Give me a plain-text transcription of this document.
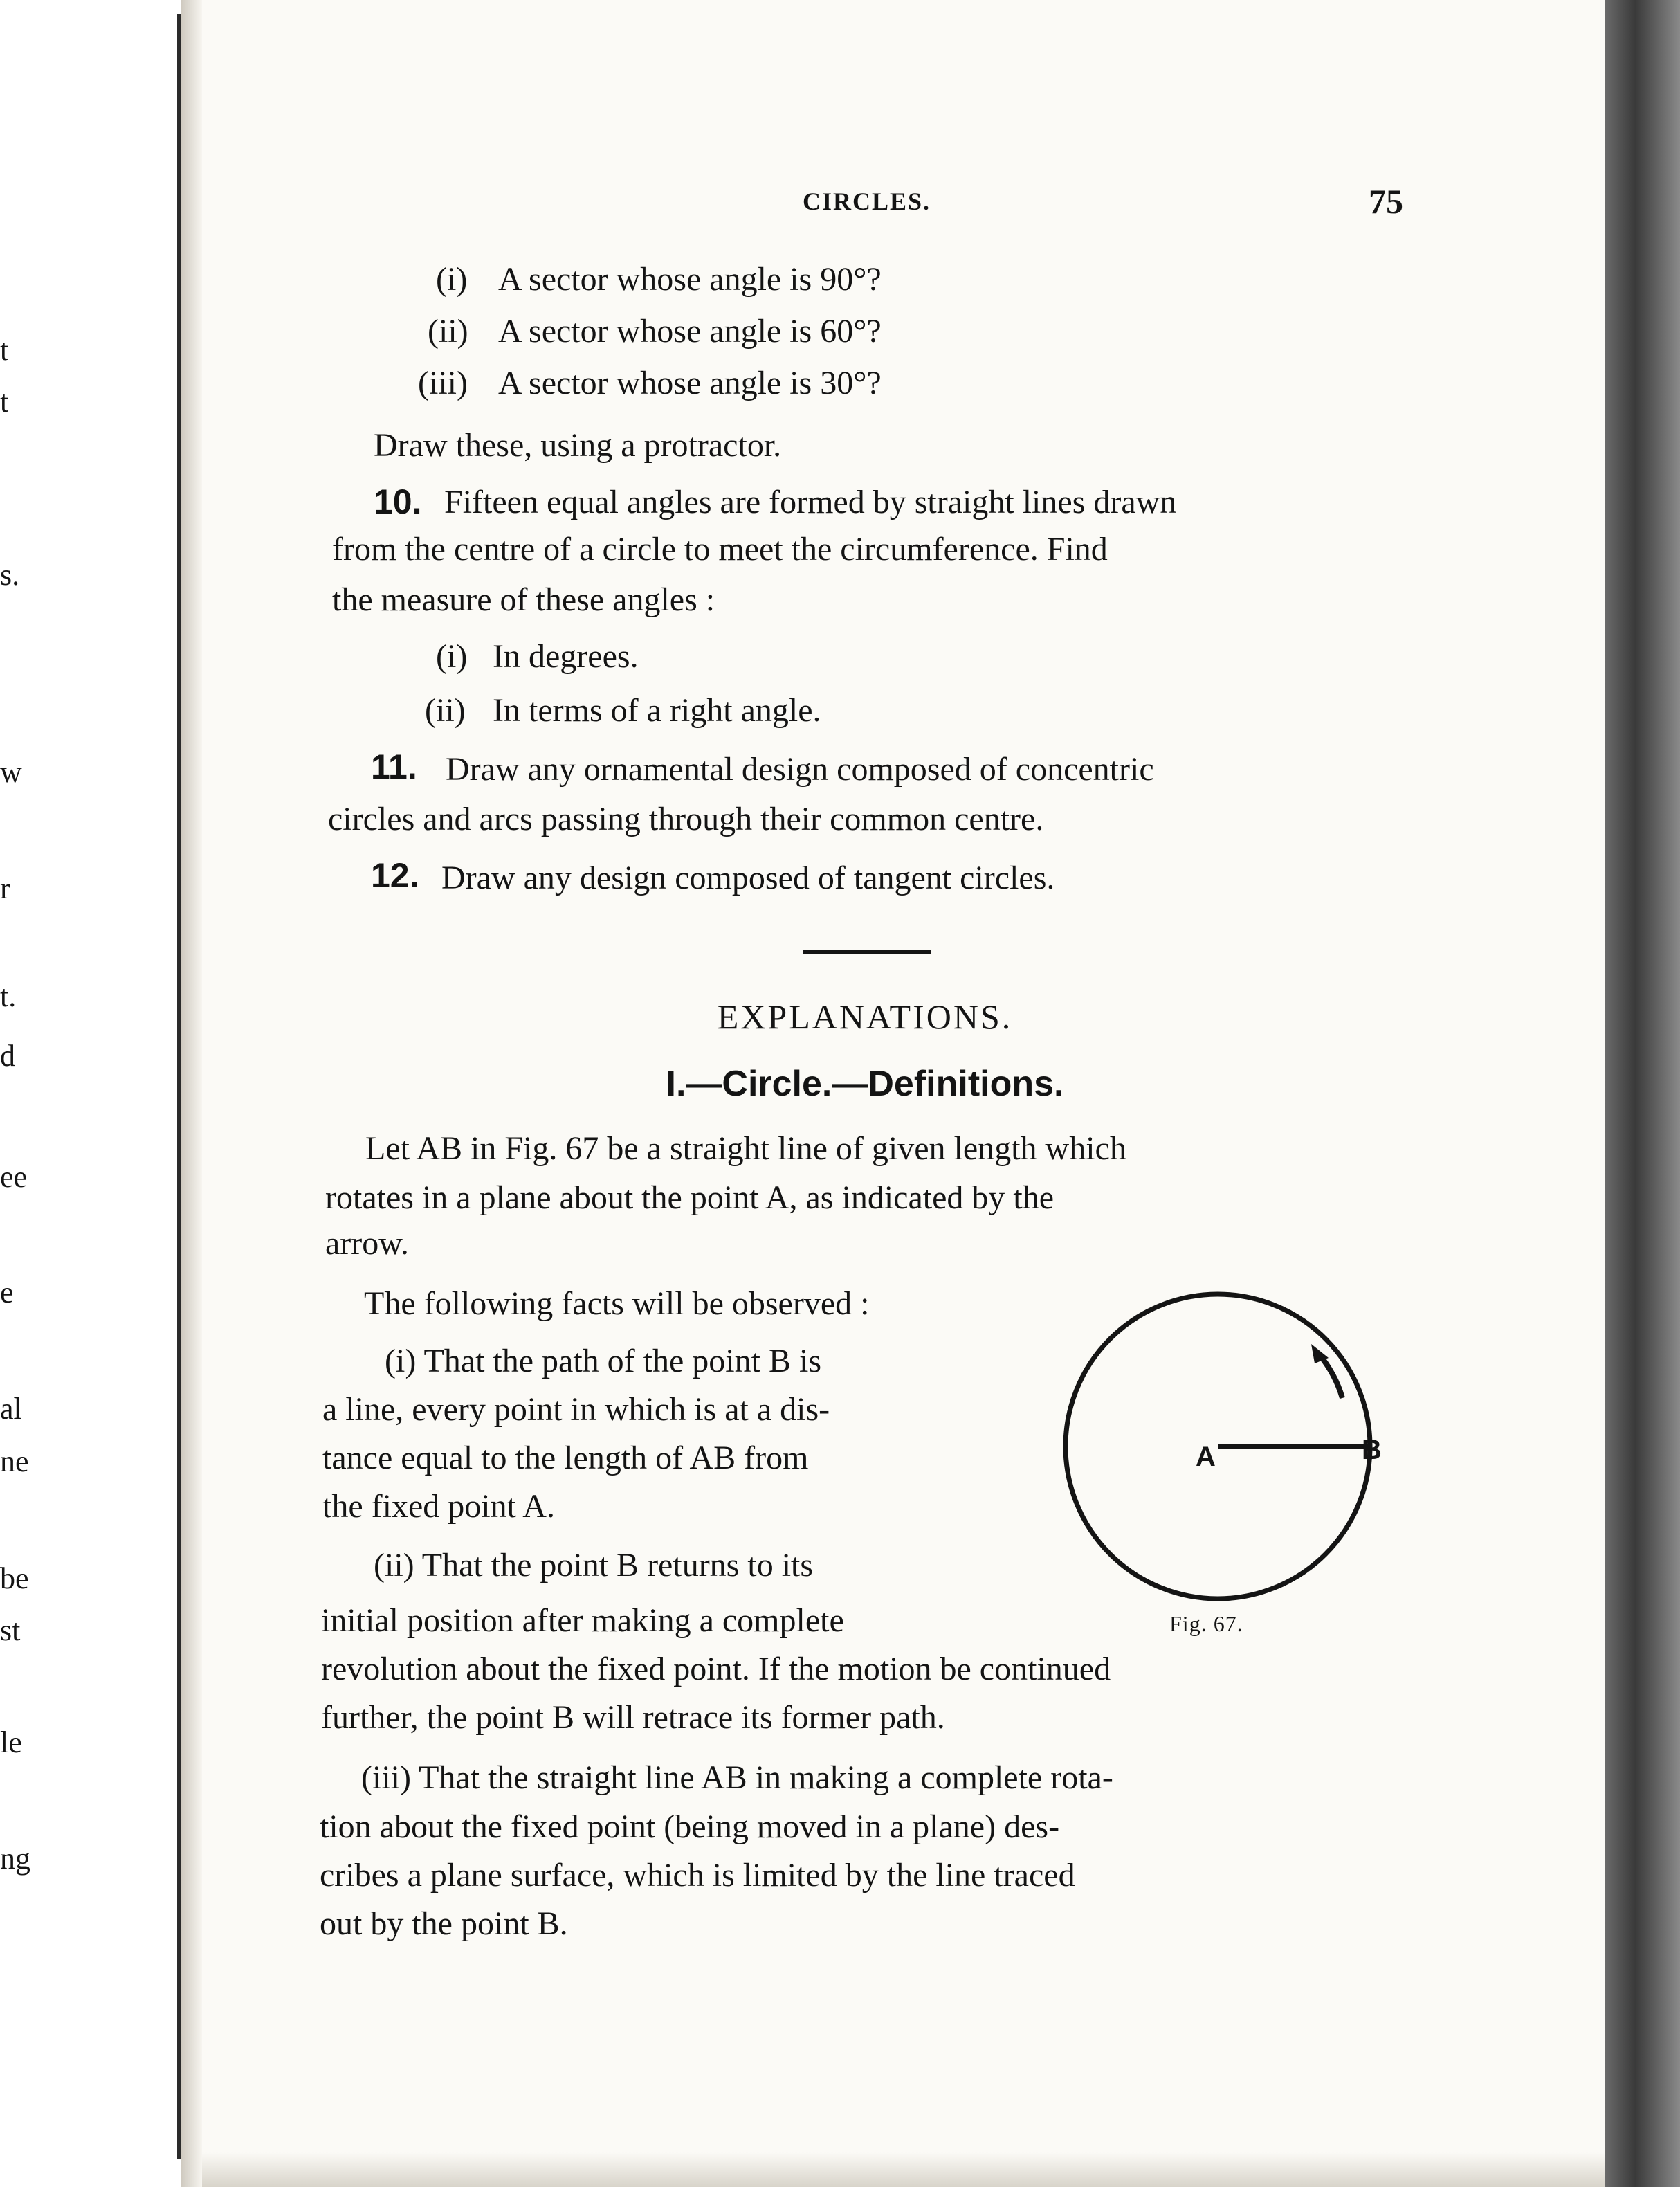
t
t
s.
w
r
t.
d
ee
e
al
ne
be
st
le
ng
CIRCLES.	75
(i) A sector whose angle is 90°?
(ii) A sector whose angle is 60°?
(iii) A sector whose angle is 30°?
Draw these, using a protractor.
10. Fifteen equal angles are formed by straight lines drawn
from the centre of a circle to meet the circumference. Find
the measure of these angles :
(i) In degrees.
(ii) In terms of a right angle.
11. Draw any ornamental design composed of concentric
circles and arcs passing through their common centre.
12. Draw any design composed of tangent circles.
EXPLANATIONS.
I.—Circle.—Definitions.
Let AB in Fig. 67 be a straight line of given length which
rotates in a plane about the point A, as indicated by the
arrow.
The following facts will be observed :
(i) That the path of the point B is
a line, every point in which is at a dis-
tance equal to the length of AB from
the fixed point A.
(ii) That the point B returns to its
initial position after making a complete
revolution about the fixed point. If the motion be continued
further, the point B will retrace its former path.
(iii) That the straight line AB in making a complete rota-
tion about the fixed point (being moved in a plane) des-
cribes a plane surface, which is limited by the line traced
out by the point B.
A	B
Fig. 67.
